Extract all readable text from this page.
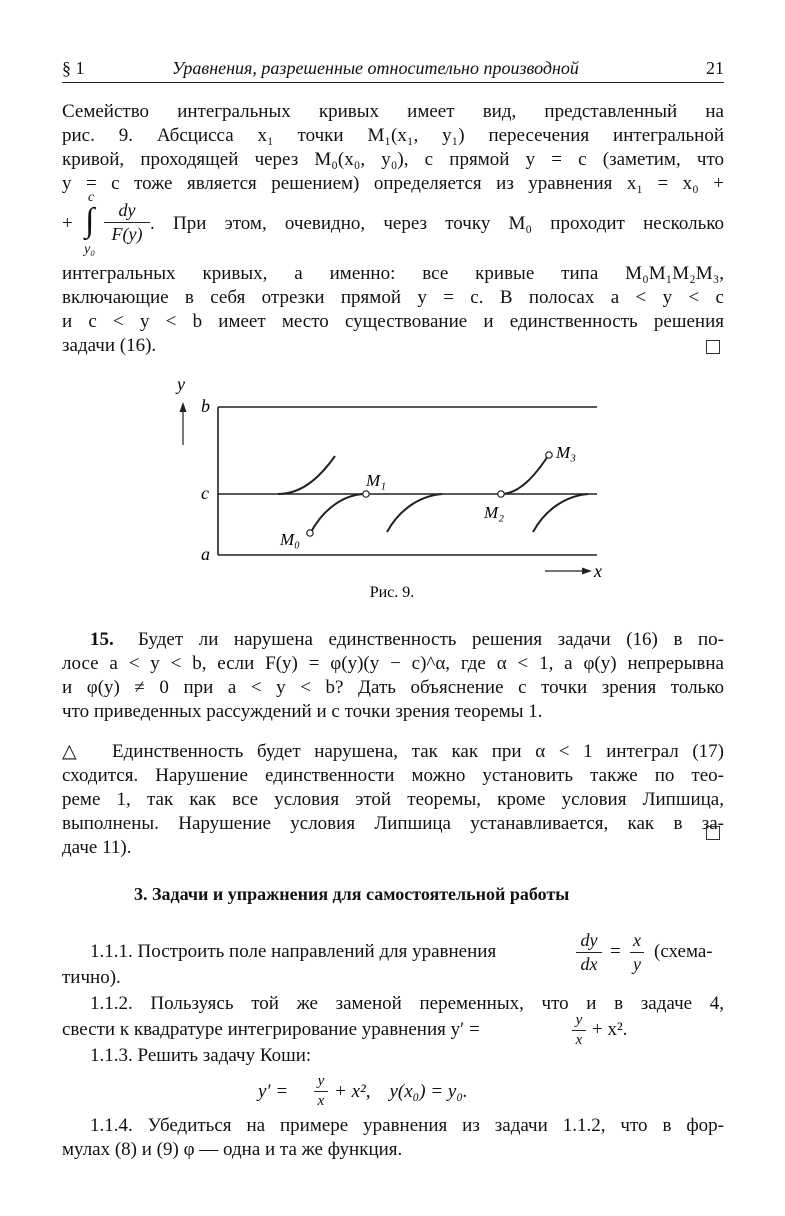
§ 1	Уравнения, разрешенные относительно производной	21
Семейство интегральных кривых имеет вид, представленный на
рис. 9. Абсцисса x₁ точки M₁(x₁, y₁) пересечения интегральной
кривой, проходящей через M₀(x₀, y₀), с прямой y = c (заметим, что
y = c тоже является решением) определяется из уравнения x₁ = x₀ +
+ ∫
c
y₀
dy
F(y) . При этом, очевидно, через точку M₀ проходит несколько
интегральных кривых, а именно: все кривые типа M₀M₁M₂M₃,
включающие в себя отрезки прямой y = c. В полосах a < y < c
и c < y < b имеет место существование и единственность решения
задачи (16).
y
b
c
a
x
M₀
M₁
M₂
M₃
Рис. 9.
15. Будет ли нарушена единственность решения задачи (16) в по-
лосе a < y < b, если F(y) = φ(y)(y − c)^α, где α < 1, а φ(y) непрерывна
и φ(y) ≠ 0 при a < y < b? Дать объяснение с точки зрения только
что приведенных рассуждений и с точки зрения теоремы 1.
△ Единственность будет нарушена, так как при α < 1 интеграл (17)
сходится. Нарушение единственности можно установить также по тео-
реме 1, так как все условия этой теоремы, кроме условия Липшица,
выполнены. Нарушение условия Липшица устанавливается, как в за-
даче 11).
3. Задачи и упражнения для самостоятельной работы
1.1.1. Построить поле направлений для уравнения
dy
dx
=
x
y
(схема-
тично).
1.1.2. Пользуясь той же заменой переменных, что и в задаче 4,
свести к квадратуре интегрирование уравнения y′ =	y
x + x².
1.1.3. Решить задачу Коши:
y′ = y
x + x²,    y(x₀) = y₀.
1.1.4. Убедиться на примере уравнения из задачи 1.1.2, что в фор-
мулах (8) и (9) φ — одна и та же функция.
